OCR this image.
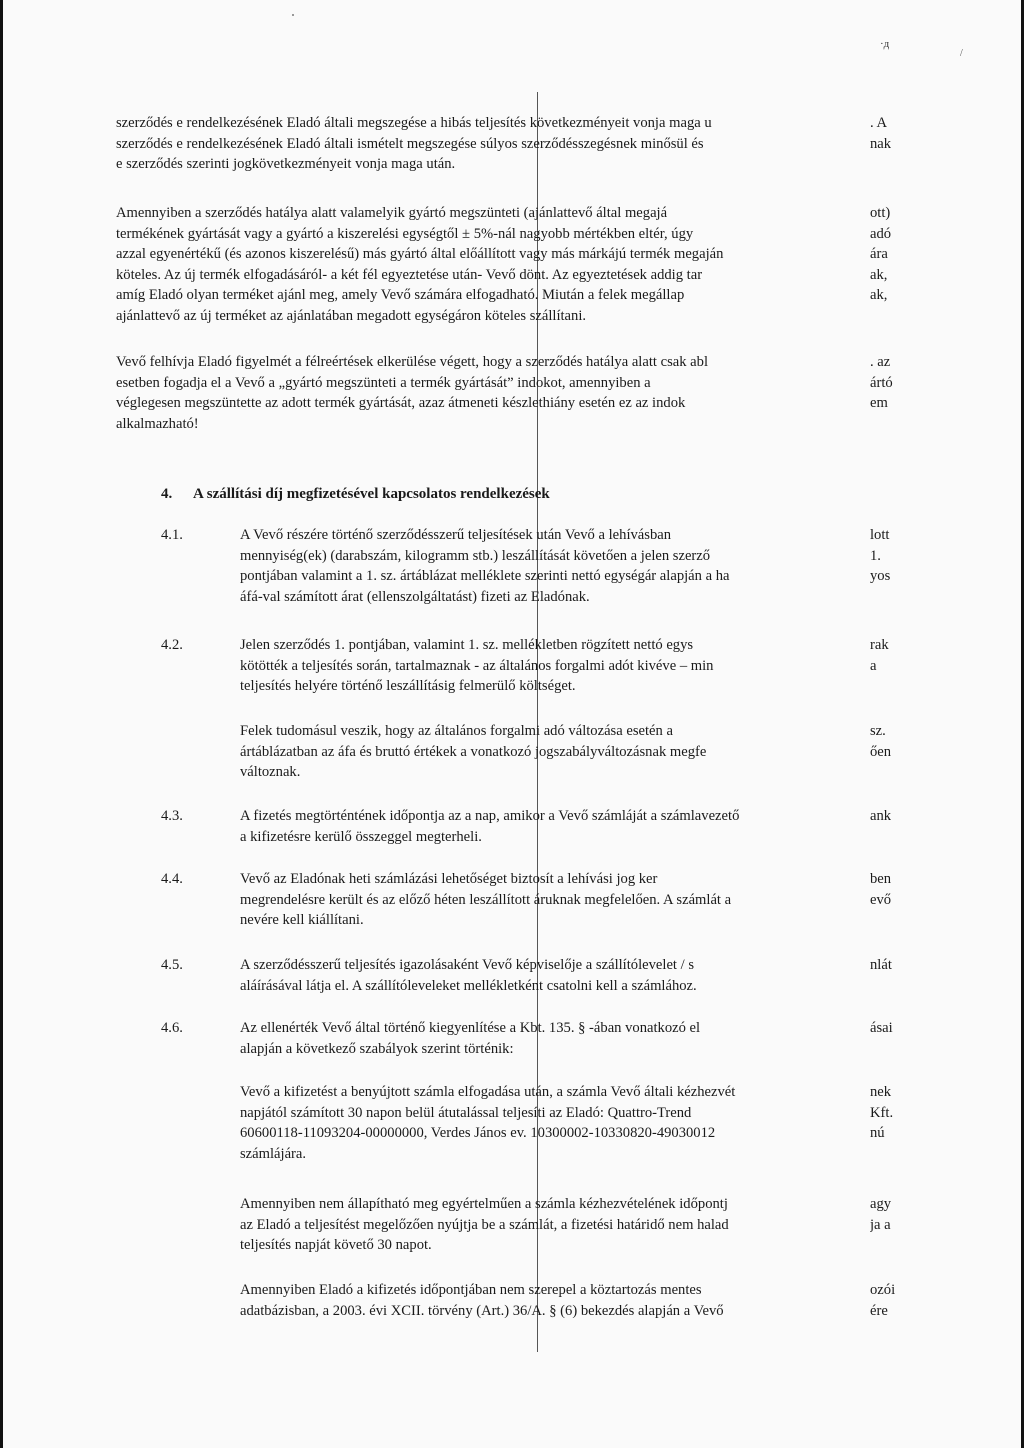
·д
/
szerződés e rendelkezésének Eladó általi megszegése a hibás teljesítés következményeit vonja maga u
szerződés e rendelkezésének Eladó általi ismételt megszegése súlyos szerződésszegésnek minősül és
e szerződés szerinti jogkövetkezményeit vonja maga után.
. A
nak
Amennyiben a szerződés hatálya alatt valamelyik gyártó megszünteti (ajánlattevő által megajá
termékének gyártását vagy a gyártó a kiszerelési egységtől ± 5%-nál nagyobb mértékben eltér, úgy
azzal egyenértékű (és azonos kiszerelésű) más gyártó által előállított vagy más márkájú termék megaján
köteles. Az új termék elfogadásáról- a két fél egyeztetése után- Vevő dönt. Az egyeztetések addig tar
amíg Eladó olyan terméket ajánl meg, amely Vevő számára elfogadható. Miután a felek megállap
ajánlattevő az új terméket az ajánlatában megadott egységáron köteles szállítani.
ott)
adó
ára
ak,
ak,
Vevő felhívja Eladó figyelmét a félreértések elkerülése végett, hogy a szerződés hatálya alatt csak abl
esetben fogadja el a Vevő a „gyártó megszünteti a termék gyártását” indokot, amennyiben a
véglegesen megszüntette az adott termék gyártását, azaz átmeneti készlethiány esetén ez az indok
alkalmazható!
. az
ártó
em
4. A szállítási díj megfizetésével kapcsolatos rendelkezések
4.1.	A Vevő részére történő szerződésszerű teljesítések után Vevő a lehívásban
mennyiség(ek) (darabszám, kilogramm stb.) leszállítását követően a jelen szerző
pontjában valamint a 1. sz. ártáblázat melléklete szerinti nettó egységár alapján a ha
áfá-val számított árat (ellenszolgáltatást) fizeti az Eladónak.
lott
1.
yos
4.2.	Jelen szerződés 1. pontjában, valamint 1. sz. mellékletben rögzített nettó egys
kötötték a teljesítés során, tartalmaznak - az általános forgalmi adót kivéve – min
teljesítés helyére történő leszállításig felmerülő költséget.
rak
a
Felek tudomásul veszik, hogy az általános forgalmi adó változása esetén a
ártáblázatban az áfa és bruttó értékek a vonatkozó jogszabályváltozásnak megfe
változnak.
sz.
ően
4.3.	A fizetés megtörténtének időpontja az a nap, amikor a Vevő számláját a számlavezető
a kifizetésre kerülő összeggel megterheli.
ank
4.4.	Vevő az Eladónak heti számlázási lehetőséget biztosít a lehívási jog ker
megrendelésre került és az előző héten leszállított áruknak megfelelően. A számlát a
nevére kell kiállítani.
ben
evő
4.5.	A szerződésszerű teljesítés igazolásaként Vevő képviselője a szállítólevelet / s
aláírásával látja el. A szállítóleveleket mellékletként csatolni kell a számlához.
nlát
4.6.	Az ellenérték Vevő által történő kiegyenlítése a Kbt. 135. § -ában vonatkozó el
alapján a következő szabályok szerint történik:
ásai
Vevő a kifizetést a benyújtott számla elfogadása után, a számla Vevő általi kézhezvét
napjától számított 30 napon belül átutalással teljesíti az Eladó: Quattro-Trend
60600118-11093204-00000000, Verdes János ev. 10300002-10330820-49030012
számlájára.
nek
Kft.
nú
Amennyiben nem állapítható meg egyértelműen a számla kézhezvételének időpontj
az Eladó a teljesítést megelőzően nyújtja be a számlát, a fizetési határidő nem halad
teljesítés napját követő 30 napot.
agy
ja a
Amennyiben Eladó a kifizetés időpontjában nem szerepel a köztartozás mentes
adatbázisban, a 2003. évi XCII. törvény (Art.) 36/A. § (6) bekezdés alapján a Vevő
ozói
ére
